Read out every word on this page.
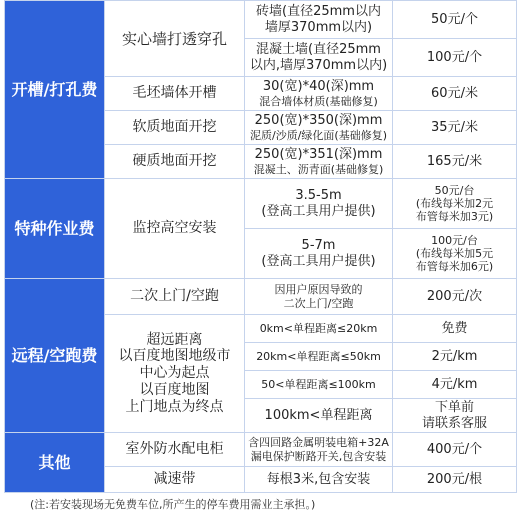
开槽/打孔费	实心墙打透穿孔	砖墙(直径25mm以内
墙厚370mm以内)	50元/个

		混凝土墙(直径25mm
以内,墙厚370mm以内)	100元/个
	毛坯墙体开槽	30(宽)*40(深)mm
混合墙体材质(基础修复)	60元/米
	软质地面开挖	250(宽)*350(深)mm
泥质/沙质/绿化面(基础修复)	35元/米
	硬质地面开挖	250(宽)*351(深)mm
混凝土、沥青面(基础修复)	165元/米
特种作业费	监控高空安装	3.5-5m
(登高工具用户提供)	50元/台
(布线每米加2元
布管每米加3元)

		5-7m
(登高工具用户提供)	100元/台
(布线每米加5元
布管每米加6元)

远程/空跑费	二次上门/空跑	因用户原因导致的
二次上门/空跑	200元/次

	超远距离
以百度地图地级市
中心为起点
以百度地图
上门地点为终点	0km<单程距离≤20km	免费
		20km<单程距离≤50km	2元/km
		50<单程距离≤100km	4元/km
		100km<单程距离	下单前
请联系客服

其他	室外防水配电柜	含四回路金属明装电箱+32A
漏电保护断路开关,包含安装	400元/个
	减速带	每根3米,包含安装	200元/根
(注:若安装现场无免费车位,所产生的停车费用需业主承担。)
